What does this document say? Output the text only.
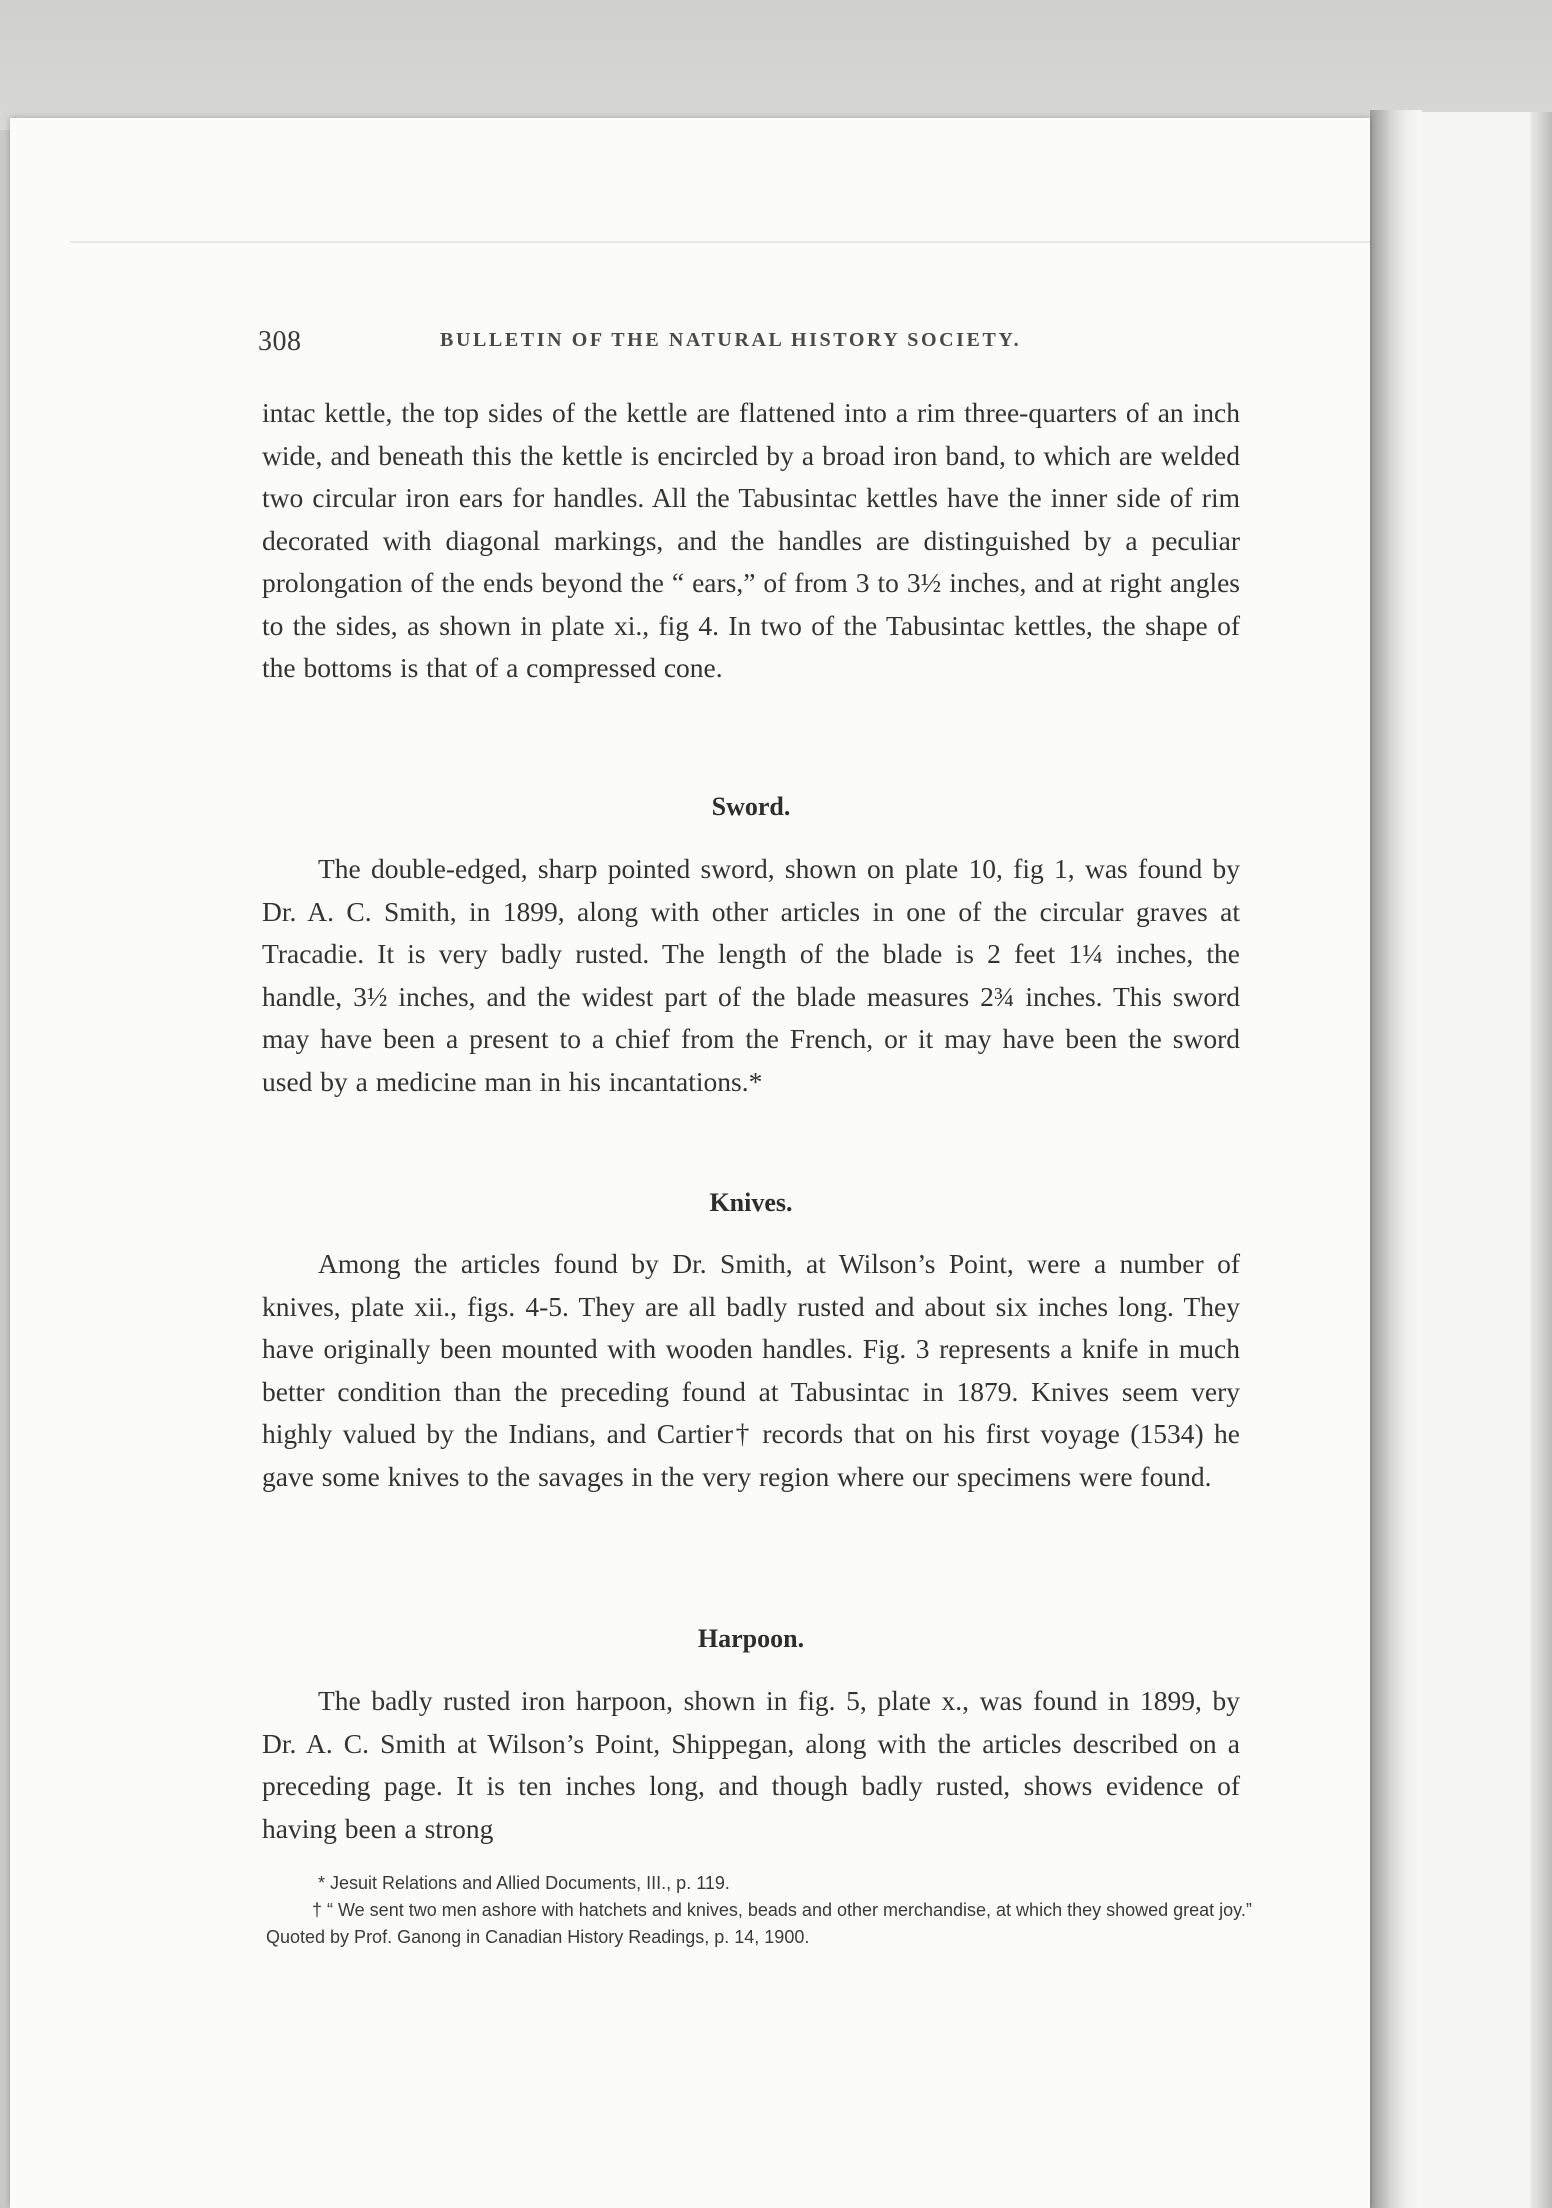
308	BULLETIN OF THE NATURAL HISTORY SOCIETY.

intac kettle, the top sides of the kettle are flattened into a rim three-quarters of an inch wide, and beneath this the kettle is encircled by a broad iron band, to which are welded two circular iron ears for handles. All the Tabusintac kettles have the inner side of rim decorated with diagonal markings, and the handles are distinguished by a peculiar prolongation of the ends beyond the “ ears,” of from 3 to 3½ inches, and at right angles to the sides, as shown in plate xi., fig 4. In two of the Tabusintac kettles, the shape of the bottoms is that of a compressed cone.

Sword.

The double-edged, sharp pointed sword, shown on plate 10, fig 1, was found by Dr. A. C. Smith, in 1899, along with other articles in one of the circular graves at Tracadie. It is very badly rusted. The length of the blade is 2 feet 1¼ inches, the handle, 3½ inches, and the widest part of the blade measures 2¾ inches. This sword may have been a present to a chief from the French, or it may have been the sword used by a medicine man in his incantations.*

Knives.

Among the articles found by Dr. Smith, at Wilson’s Point, were a number of knives, plate xii., figs. 4-5. They are all badly rusted and about six inches long. They have originally been mounted with wooden handles. Fig. 3 represents a knife in much better condition than the preceding found at Tabusintac in 1879. Knives seem very highly valued by the Indians, and Cartier† records that on his first voyage (1534) he gave some knives to the savages in the very region where our specimens were found.

Harpoon.

The badly rusted iron harpoon, shown in fig. 5, plate x., was found in 1899, by Dr. A. C. Smith at Wilson’s Point, Shippegan, along with the articles described on a preceding page. It is ten inches long, and though badly rusted, shows evidence of having been a strong

* Jesuit Relations and Allied Documents, III., p. 119.

† “ We sent two men ashore with hatchets and knives, beads and other merchandise, at which they showed great joy.” Quoted by Prof. Ganong in Canadian History Readings, p. 14, 1900.
